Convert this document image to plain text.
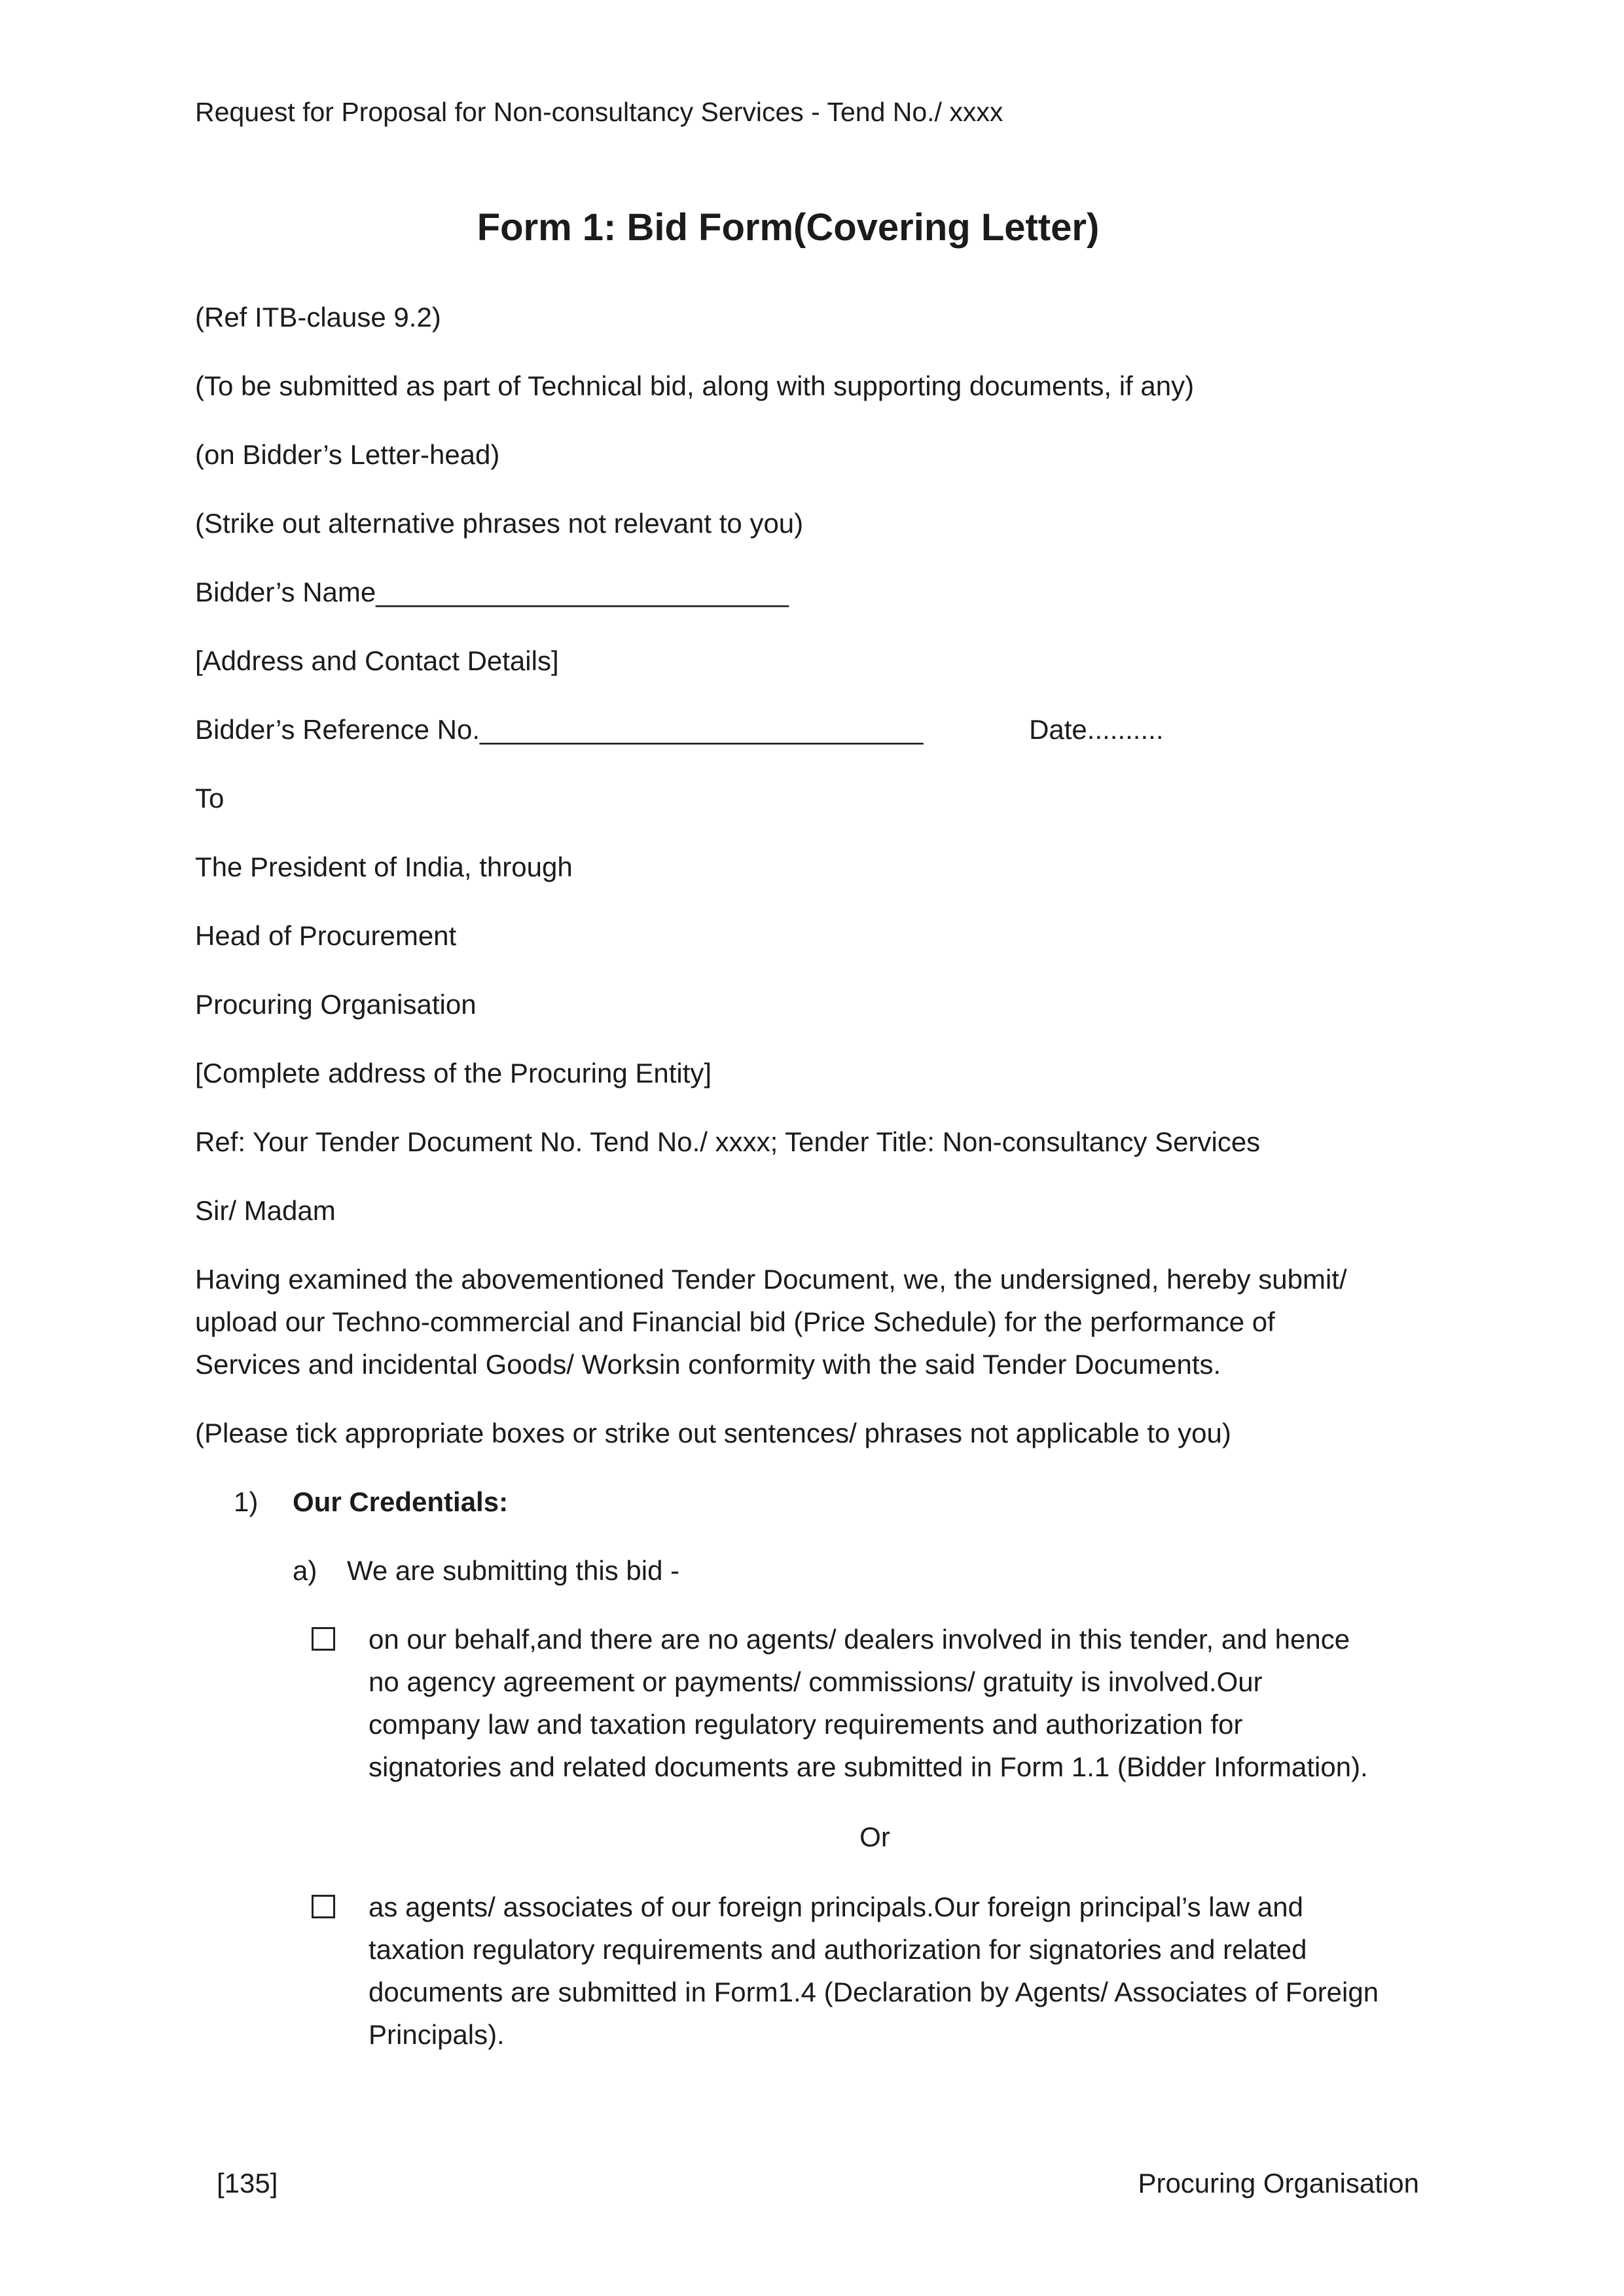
Request for Proposal for Non-consultancy Services - Tend No./ xxxx
Form 1: Bid Form(Covering Letter)

(Ref ITB-clause 9.2)

(To be submitted as part of Technical bid, along with supporting documents, if any)

(on Bidder’s Letter-head)

(Strike out alternative phrases not relevant to you)

Bidder’s Name___________________________

[Address and Contact Details]

Bidder’s Reference No._____________________________	Date..........

To

The President of India, through

Head of Procurement

Procuring Organisation

[Complete address of the Procuring Entity]

Ref: Your Tender Document No. Tend No./ xxxx; Tender Title: Non-consultancy Services

Sir/ Madam

Having examined the abovementioned Tender Document, we, the undersigned, hereby submit/ upload our Techno-commercial and Financial bid (Price Schedule) for the performance of Services and incidental Goods/ Worksin conformity with the said Tender Documents.

(Please tick appropriate boxes or strike out sentences/ phrases not applicable to you)

1)	Our Credentials:
a)	We are submitting this bid -
on our behalf,and there are no agents/ dealers involved in this tender, and hence no agency agreement or payments/ commissions/ gratuity is involved.Our company law and taxation regulatory requirements and authorization for signatories and related documents are submitted in Form 1.1 (Bidder Information).
Or
as agents/ associates of our foreign principals.Our foreign principal’s law and taxation regulatory requirements and authorization for signatories and related documents are submitted in Form1.4 (Declaration by Agents/ Associates of Foreign Principals).
[135]	Procuring Organisation
